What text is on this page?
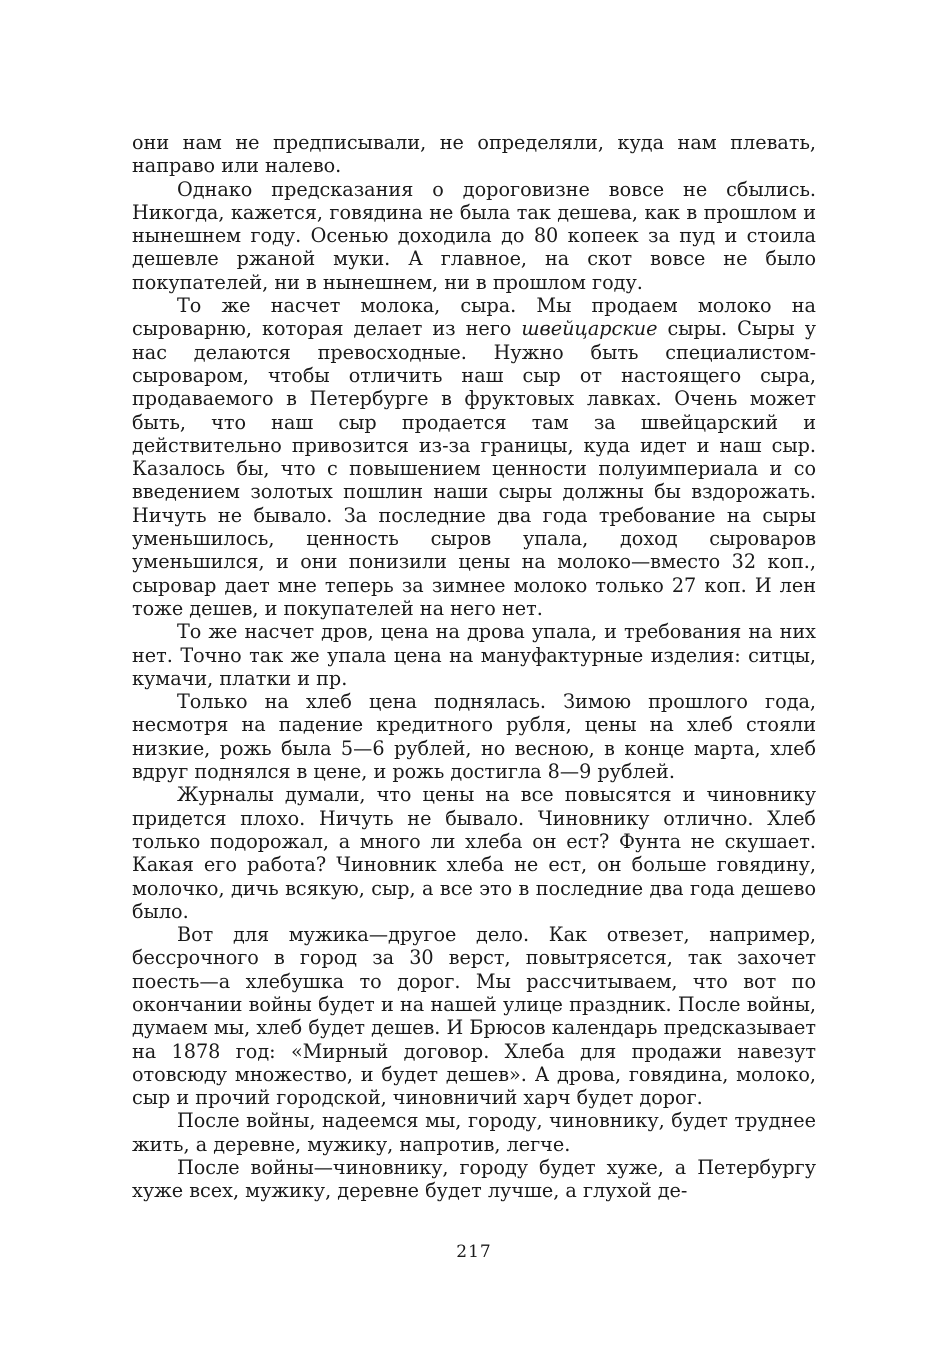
они нам не предписывали, не определяли, куда нам плевать, направо или налево.

Однако предсказания о дороговизне вовсе не сбылись. Никогда, кажется, говядина не была так дешева, как в прошлом и нынешнем году. Осенью доходила до 80 копеек за пуд и стоила дешевле ржаной муки. А главное, на скот вовсе не было покупателей, ни в нынешнем, ни в прошлом году.

То же насчет молока, сыра. Мы продаем молоко на сыроварню, которая делает из него швейцарские сыры. Сыры у нас делаются превосходные. Нужно быть специалистом-сыроваром, чтобы отличить наш сыр от настоящего сыра, продаваемого в Петербурге в фруктовых лавках. Очень может быть, что наш сыр продается там за швейцарский и действительно привозится из-за границы, куда идет и наш сыр. Казалось бы, что с повышением ценности полуимпериала и со введением золотых пошлин наши сыры должны бы вздорожать. Ничуть не бывало. За последние два года требование на сыры уменьшилось, ценность сыров упала, доход сыроваров уменьшился, и они понизили цены на молоко—вместо 32 коп., сыровар дает мне теперь за зимнее молоко только 27 коп. И лен тоже дешев, и покупателей на него нет.

То же насчет дров, цена на дрова упала, и требования на них нет. Точно так же упала цена на мануфактурные изделия: ситцы, кумачи, платки и пр.

Только на хлеб цена поднялась. Зимою прошлого года, несмотря на падение кредитного рубля, цены на хлеб стояли низкие, рожь была 5—6 рублей, но весною, в конце марта, хлеб вдруг поднялся в цене, и рожь достигла 8—9 рублей.

Журналы думали, что цены на все повысятся и чиновнику придется плохо. Ничуть не бывало. Чиновнику отлично. Хлеб только подорожал, а много ли хлеба он ест? Фунта не скушает. Какая его работа? Чиновник хлеба не ест, он больше говядину, молочко, дичь всякую, сыр, а все это в последние два года дешево было.

Вот для мужика—другое дело. Как отвезет, например, бессрочного в город за 30 верст, повытрясется, так захочет поесть—а хлебушка то дорог. Мы рассчитываем, что вот по окончании войны будет и на нашей улице праздник. После войны, думаем мы, хлеб будет дешев. И Брюсов календарь предсказывает на 1878 год: «Мирный договор. Хлеба для продажи навезут отовсюду множество, и будет дешев». А дрова, говядина, молоко, сыр и прочий городской, чиновничий харч будет дорог.

После войны, надеемся мы, городу, чиновнику, будет труднее жить, а деревне, мужику, напротив, легче.

После войны—чиновнику, городу будет хуже, а Петербургу хуже всех, мужику, деревне будет лучше, а глухой де-

217
